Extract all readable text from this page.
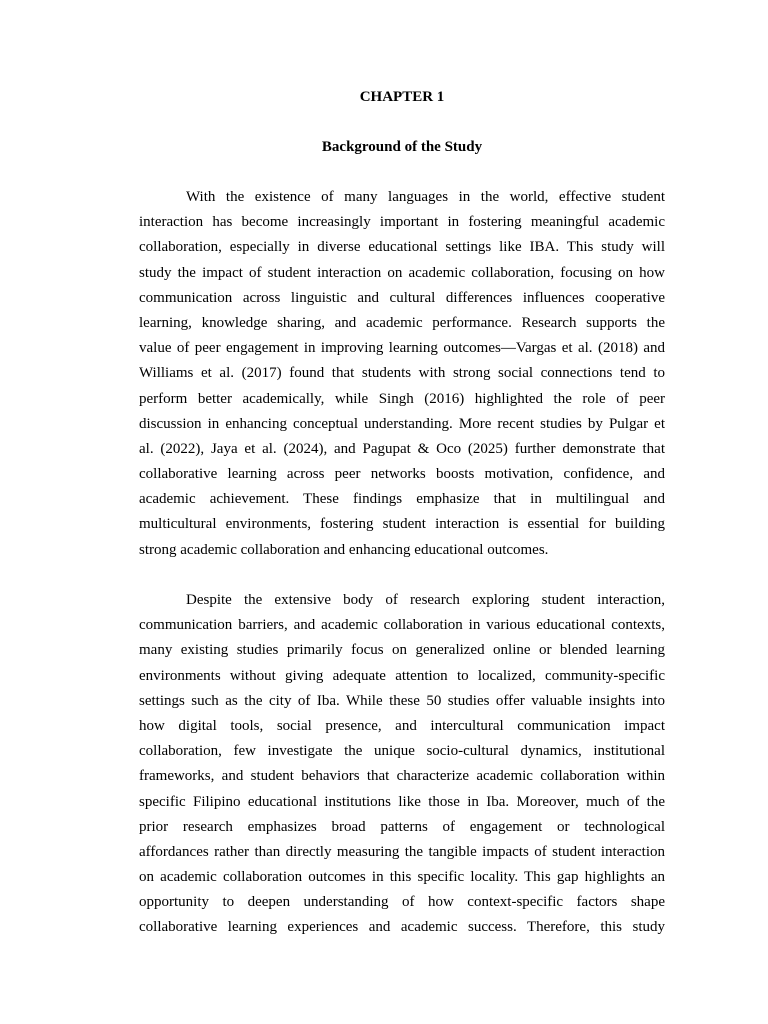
CHAPTER 1
Background of the Study
With the existence of many languages in the world, effective student
interaction has become increasingly important in fostering meaningful academic
collaboration, especially in diverse educational settings like IBA. This study will
study the impact of student interaction on academic collaboration, focusing on how
communication across linguistic and cultural differences influences cooperative
learning, knowledge sharing, and academic performance. Research supports the
value of peer engagement in improving learning outcomes—Vargas et al. (2018) and
Williams et al. (2017) found that students with strong social connections tend to
perform better academically, while Singh (2016) highlighted the role of peer
discussion in enhancing conceptual understanding. More recent studies by Pulgar et
al. (2022), Jaya et al. (2024), and Pagupat & Oco (2025) further demonstrate that
collaborative learning across peer networks boosts motivation, confidence, and
academic achievement. These findings emphasize that in multilingual and
multicultural environments, fostering student interaction is essential for building
strong academic collaboration and enhancing educational outcomes.
Despite the extensive body of research exploring student interaction,
communication barriers, and academic collaboration in various educational contexts,
many existing studies primarily focus on generalized online or blended learning
environments without giving adequate attention to localized, community-specific
settings such as the city of Iba. While these 50 studies offer valuable insights into
how digital tools, social presence, and intercultural communication impact
collaboration, few investigate the unique socio-cultural dynamics, institutional
frameworks, and student behaviors that characterize academic collaboration within
specific Filipino educational institutions like those in Iba. Moreover, much of the
prior research emphasizes broad patterns of engagement or technological
affordances rather than directly measuring the tangible impacts of student interaction
on academic collaboration outcomes in this specific locality. This gap highlights an
opportunity to deepen understanding of how context-specific factors shape
collaborative learning experiences and academic success. Therefore, this study
